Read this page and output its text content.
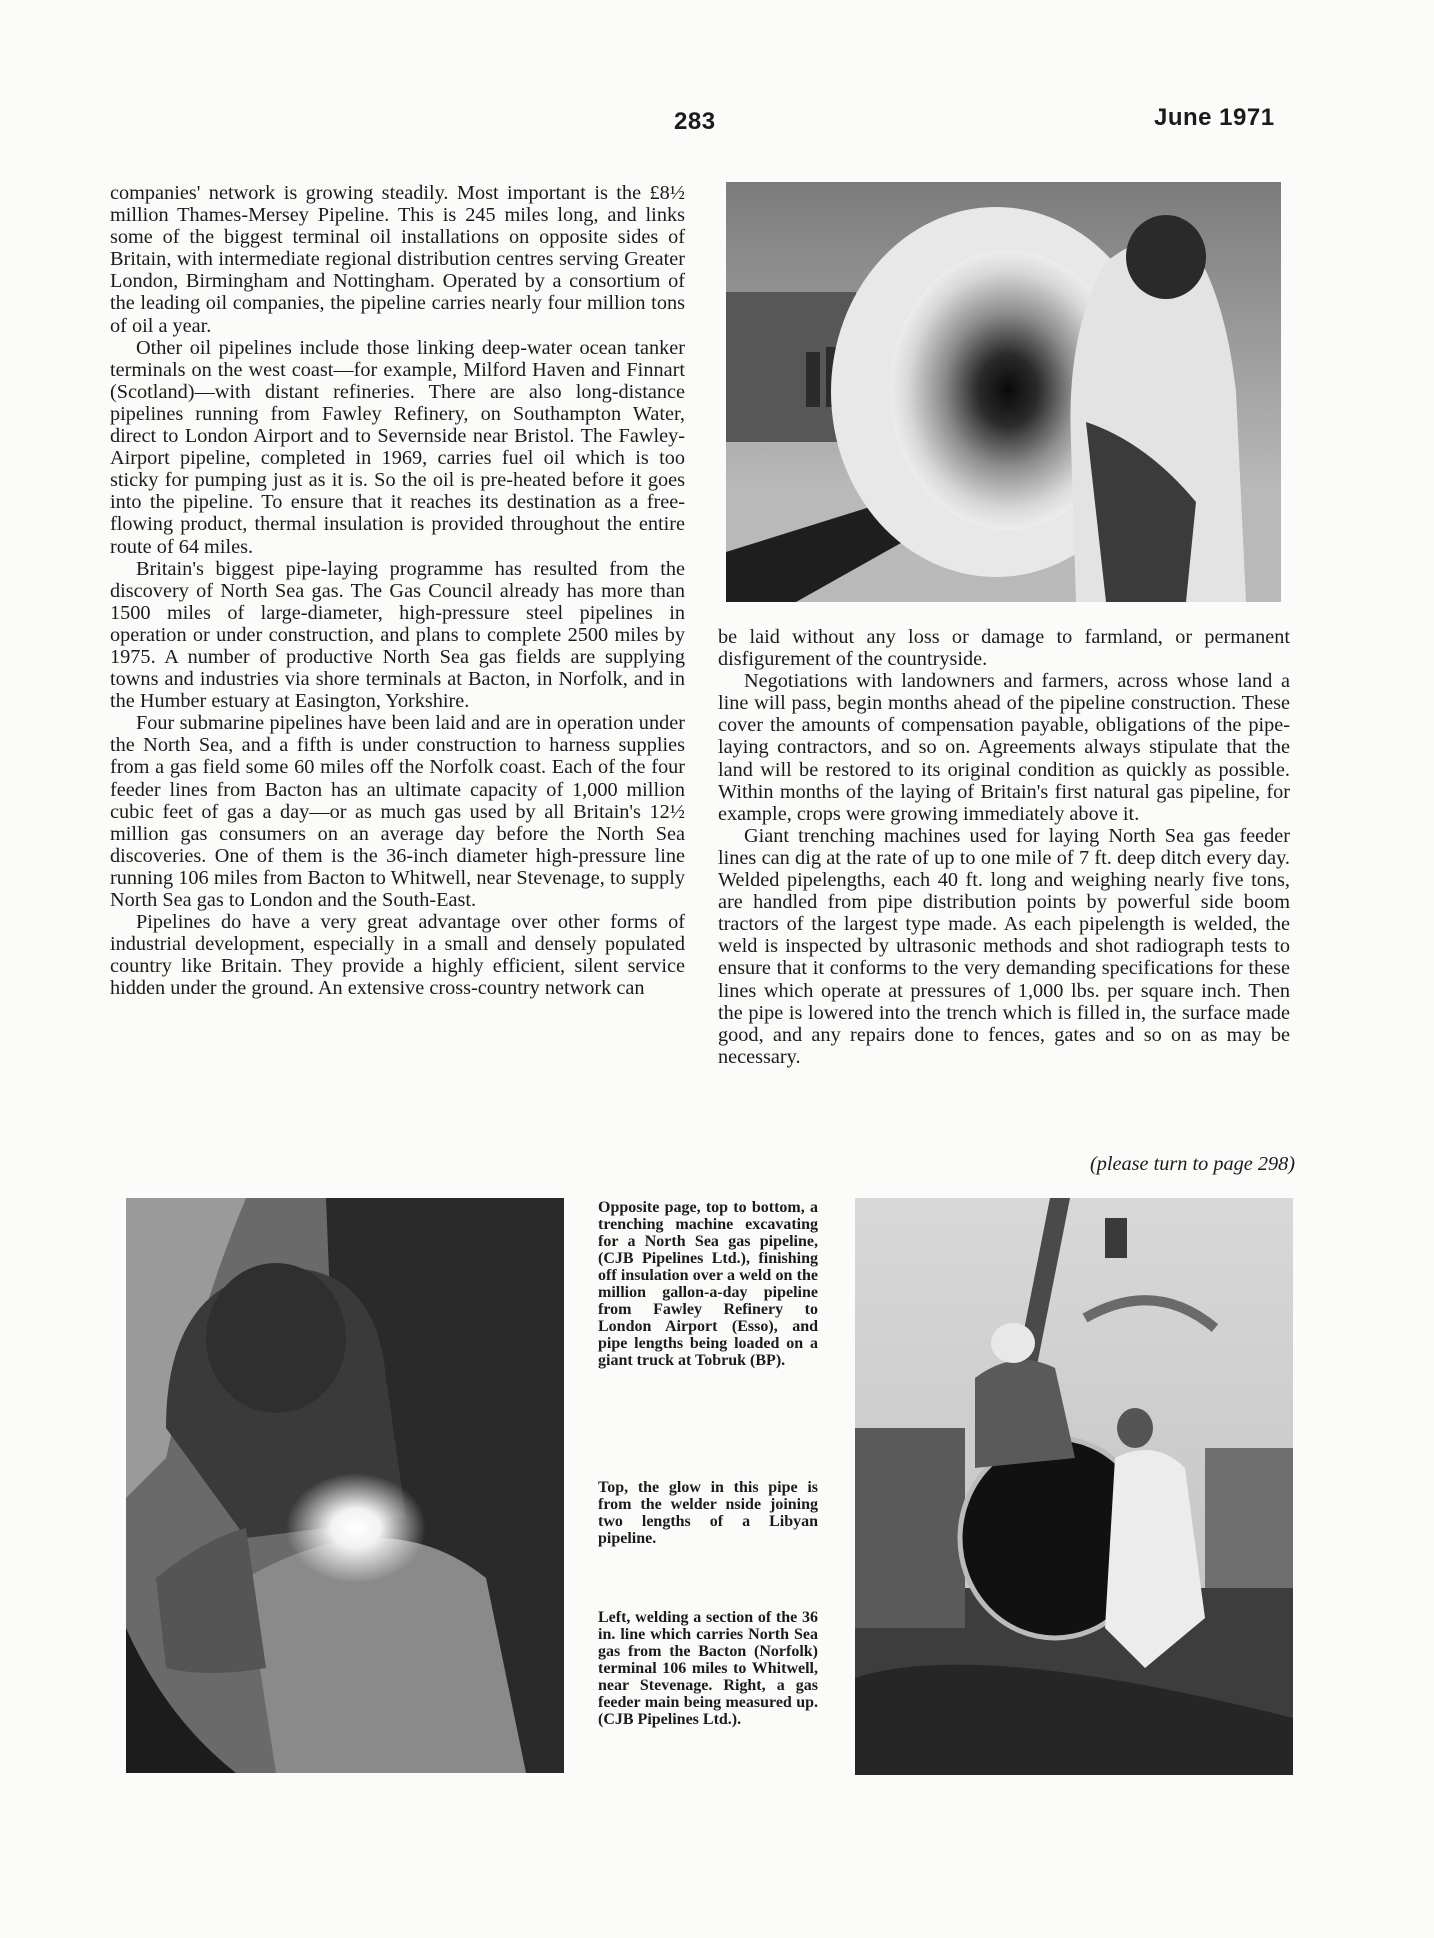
283	June 1971

companies' network is growing steadily. Most important is the £8½ million Thames-Mersey Pipeline. This is 245 miles long, and links some of the biggest terminal oil installations on opposite sides of Britain, with intermediate regional distribution centres serving Greater London, Birmingham and Nottingham. Operated by a consortium of the leading oil companies, the pipeline carries nearly four million tons of oil a year.

Other oil pipelines include those linking deep-water ocean tanker terminals on the west coast—for example, Milford Haven and Finnart (Scotland)—with distant refineries. There are also long-distance pipelines running from Fawley Refinery, on Southampton Water, direct to London Airport and to Severnside near Bristol. The Fawley-Airport pipeline, completed in 1969, carries fuel oil which is too sticky for pumping just as it is. So the oil is pre-heated before it goes into the pipeline. To ensure that it reaches its destination as a free-flowing product, thermal insulation is provided throughout the entire route of 64 miles.

Britain's biggest pipe-laying programme has resulted from the discovery of North Sea gas. The Gas Council already has more than 1500 miles of large-diameter, high-pressure steel pipelines in operation or under construction, and plans to complete 2500 miles by 1975. A number of productive North Sea gas fields are supplying towns and industries via shore terminals at Bacton, in Norfolk, and in the Humber estuary at Easington, Yorkshire.

Four submarine pipelines have been laid and are in operation under the North Sea, and a fifth is under construction to harness supplies from a gas field some 60 miles off the Norfolk coast. Each of the four feeder lines from Bacton has an ultimate capacity of 1,000 million cubic feet of gas a day—or as much gas used by all Britain's 12½ million gas consumers on an average day before the North Sea discoveries. One of them is the 36-inch diameter high-pressure line running 106 miles from Bacton to Whitwell, near Stevenage, to supply North Sea gas to London and the South-East.

Pipelines do have a very great advantage over other forms of industrial development, especially in a small and densely populated country like Britain. They provide a highly efficient, silent service hidden under the ground. An extensive cross-country network can

be laid without any loss or damage to farmland, or permanent disfigurement of the countryside.

Negotiations with landowners and farmers, across whose land a line will pass, begin months ahead of the pipeline construction. These cover the amounts of compensation payable, obligations of the pipe-laying contractors, and so on. Agreements always stipulate that the land will be restored to its original condition as quickly as possible. Within months of the laying of Britain's first natural gas pipeline, for example, crops were growing immediately above it.

Giant trenching machines used for laying North Sea gas feeder lines can dig at the rate of up to one mile of 7 ft. deep ditch every day. Welded pipelengths, each 40 ft. long and weighing nearly five tons, are handled from pipe distribution points by powerful side boom tractors of the largest type made. As each pipelength is welded, the weld is inspected by ultrasonic methods and shot radiograph tests to ensure that it conforms to the very demanding specifications for these lines which operate at pressures of 1,000 lbs. per square inch. Then the pipe is lowered into the trench which is filled in, the surface made good, and any repairs done to fences, gates and so on as may be necessary.

(please turn to page 298)

Opposite page, top to bottom, a trenching machine excavating for a North Sea gas pipeline, (CJB Pipelines Ltd.), finishing off insulation over a weld on the million gallon-a-day pipeline from Fawley Refinery to London Airport (Esso), and pipe lengths being loaded on a giant truck at Tobruk (BP).

Top, the glow in this pipe is from the welder nside joining two lengths of a Libyan pipeline.

Left, welding a section of the 36 in. line which carries North Sea gas from the Bacton (Norfolk) terminal 106 miles to Whitwell, near Stevenage. Right, a gas feeder main being measured up. (CJB Pipelines Ltd.).
